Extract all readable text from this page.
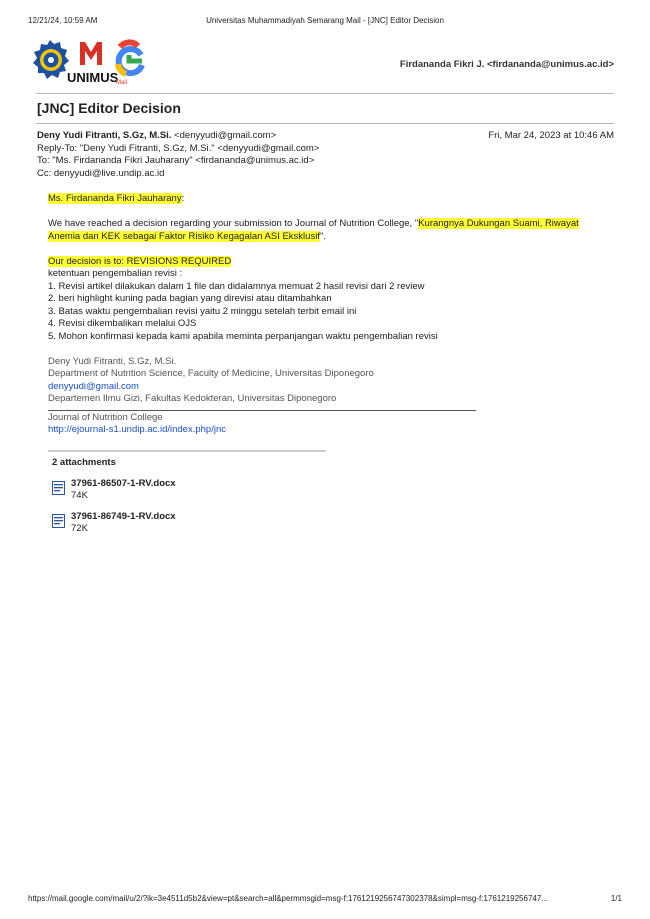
12/21/24, 10:59 AM	Universitas Muhammadiyah Semarang Mail - [JNC] Editor Decision
UNIMUS
Mail
Firdananda Fikri J. <firdananda@unimus.ac.id>
[JNC] Editor Decision
Deny Yudi Fitranti, S.Gz, M.Si. <denyyudi@gmail.com>	Fri, Mar 24, 2023 at 10:46 AM
Reply-To: "Deny Yudi Fitranti, S.Gz, M.Si." <denyyudi@gmail.com>
To: "Ms. Firdananda Fikri Jauharany" <firdananda@unimus.ac.id>
Cc: denyyudi@live.undip.ac.id

Ms. Firdananda Fikri Jauharany:

We have reached a decision regarding your submission to Journal of Nutrition College, "Kurangnya Dukungan Suami, Riwayat Anemia dan KEK sebagai Faktor Risiko Kegagalan ASI Eksklusif".

Our decision is to: REVISIONS REQUIRED

ketentuan pengembalian revisi :

1. Revisi artikel dilakukan dalam 1 file dan didalamnya memuat 2 hasil revisi dari 2 review

2. beri highlight kuning pada bagian yang direvisi atau ditambahkan

3. Batas waktu pengembalian revisi yaitu 2 minggu setelah terbit email ini

4. Revisi dikembalikan melalui OJS

5. Mohon konfirmasi kepada kami apabila meminta perpanjangan waktu pengembalian revisi

Deny Yudi Fitranti, S.Gz, M.Si.

Department of Nutrition Science, Faculty of Medicine, Universitas Diponegoro

denyyudi@gmail.com

Departemen Ilmu Gizi, Fakultas Kedokteran, Universitas Diponegoro

Journal of Nutrition College

http://ejournal-s1.undip.ac.id/index.php/jnc

2 attachments
37961-86507-1-RV.docx
74K
37961-86749-1-RV.docx
72K
https://mail.google.com/mail/u/2/?ik=3e4511d5b2&view=pt&search=all&permmsgid=msg-f:1761219256747302378&simpl=msg-f:1761219256747...	1/1
